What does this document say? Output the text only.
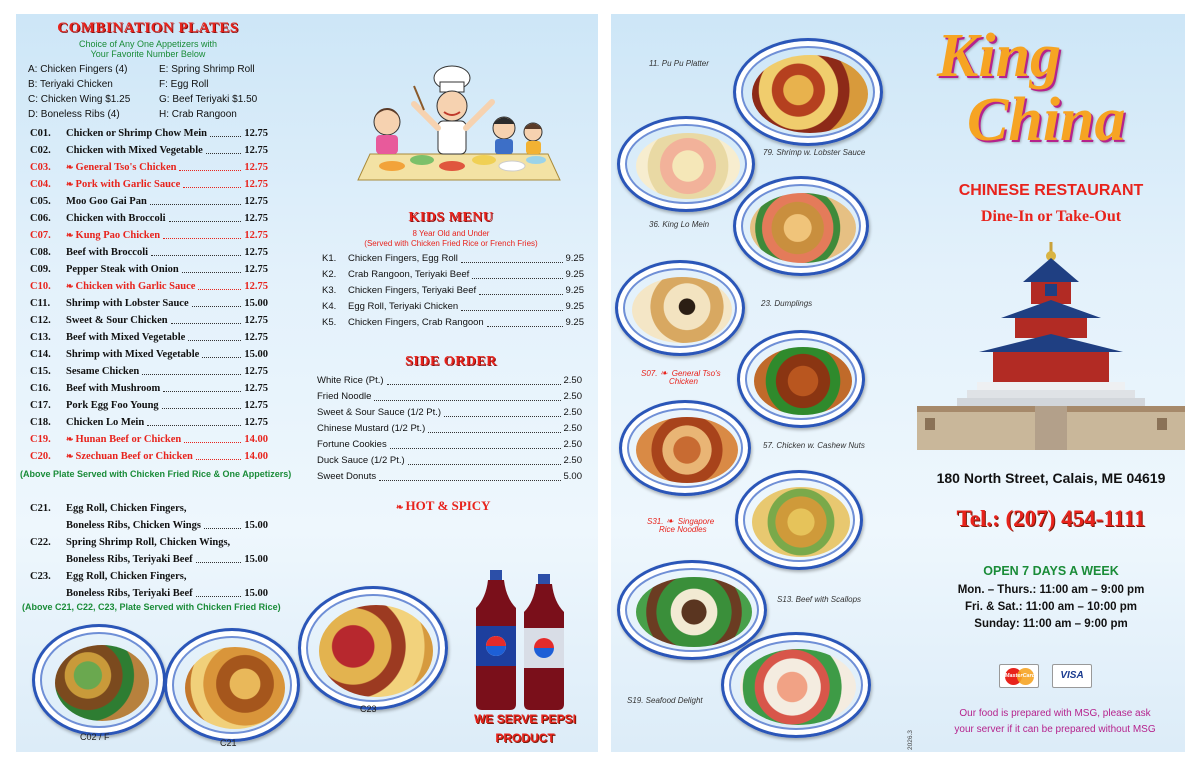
COMBINATION PLATES
Choice of Any One Appetizers with
Your Favorite Number Below
A: Chicken Fingers (4)	E: Spring Shrimp Roll
B: Teriyaki Chicken	F: Egg Roll
C: Chicken Wing $1.25	G: Beef Teriyaki $1.50
D: Boneless Ribs (4)	H: Crab Rangoon
C01.	Chicken or Shrimp Chow Mein	12.75
C02.	Chicken with Mixed Vegetable	12.75
C03.	❧ General Tso's Chicken	12.75
C04.	❧ Pork with Garlic Sauce	12.75
C05.	Moo Goo Gai Pan	12.75
C06.	Chicken with Broccoli	12.75
C07.	❧ Kung Pao Chicken	12.75
C08.	Beef with Broccoli	12.75
C09.	Pepper Steak with Onion	12.75
C10.	❧ Chicken with Garlic Sauce	12.75
C11.	Shrimp with Lobster Sauce	15.00
C12.	Sweet & Sour Chicken	12.75
C13.	Beef with Mixed Vegetable	12.75
C14.	Shrimp with Mixed Vegetable	15.00
C15.	Sesame Chicken	12.75
C16.	Beef with Mushroom	12.75
C17.	Pork Egg Foo Young	12.75
C18.	Chicken Lo Mein	12.75
C19.	❧ Hunan Beef or Chicken	14.00
C20.	❧ Szechuan Beef or Chicken	14.00
(Above Plate Served with Chicken Fried Rice & One Appetizers)
C21.	Egg Roll, Chicken Fingers,
Boneless Ribs, Chicken Wings	15.00
C22.	Spring Shrimp Roll, Chicken Wings,
Boneless Ribs, Teriyaki Beef	15.00
C23.	Egg Roll, Chicken Fingers,
Boneless Ribs, Teriyaki Beef	15.00
(Above C21, C22, C23, Plate Served with Chicken Fried Rice)
KIDS MENU
8 Year Old and Under
(Served with Chicken Fried Rice or French Fries)
K1.	Chicken Fingers, Egg Roll	9.25
K2.	Crab Rangoon, Teriyaki Beef	9.25
K3.	Chicken Fingers, Teriyaki Beef	9.25
K4.	Egg Roll, Teriyaki Chicken	9.25
K5.	Chicken Fingers, Crab Rangoon	9.25
SIDE ORDER
White Rice (Pt.)	2.50
Fried Noodle	2.50
Sweet & Sour Sauce (1/2 Pt.)	2.50
Chinese Mustard (1/2 Pt.)	2.50
Fortune Cookies	2.50
Duck Sauce (1/2 Pt.)	2.50
Sweet Donuts	5.00
❧ HOT & SPICY
C02 / F
C21
C23
WE SERVE PEPSI
PRODUCT
11. Pu Pu Platter
79. Shrimp w. Lobster Sauce
36. King Lo Mein
23. Dumplings
S07. ❧ General Tso's
Chicken
57. Chicken w. Cashew Nuts
S31. ❧ Singapore
Rice Noodles
S13. Beef with Scallops
S19. Seafood Delight
King
China
CHINESE RESTAURANT
Dine-In or Take-Out
180 North Street, Calais, ME 04619
Tel.: (207) 454-1111
OPEN 7 DAYS A WEEK
Mon. – Thurs.: 11:00 am – 9:00 pm
Fri. & Sat.: 11:00 am – 10:00 pm
Sunday: 11:00 am – 9:00 pm
MasterCard	VISA
Our food is prepared with MSG, please ask
your server if it can be prepared without MSG
2026.3
